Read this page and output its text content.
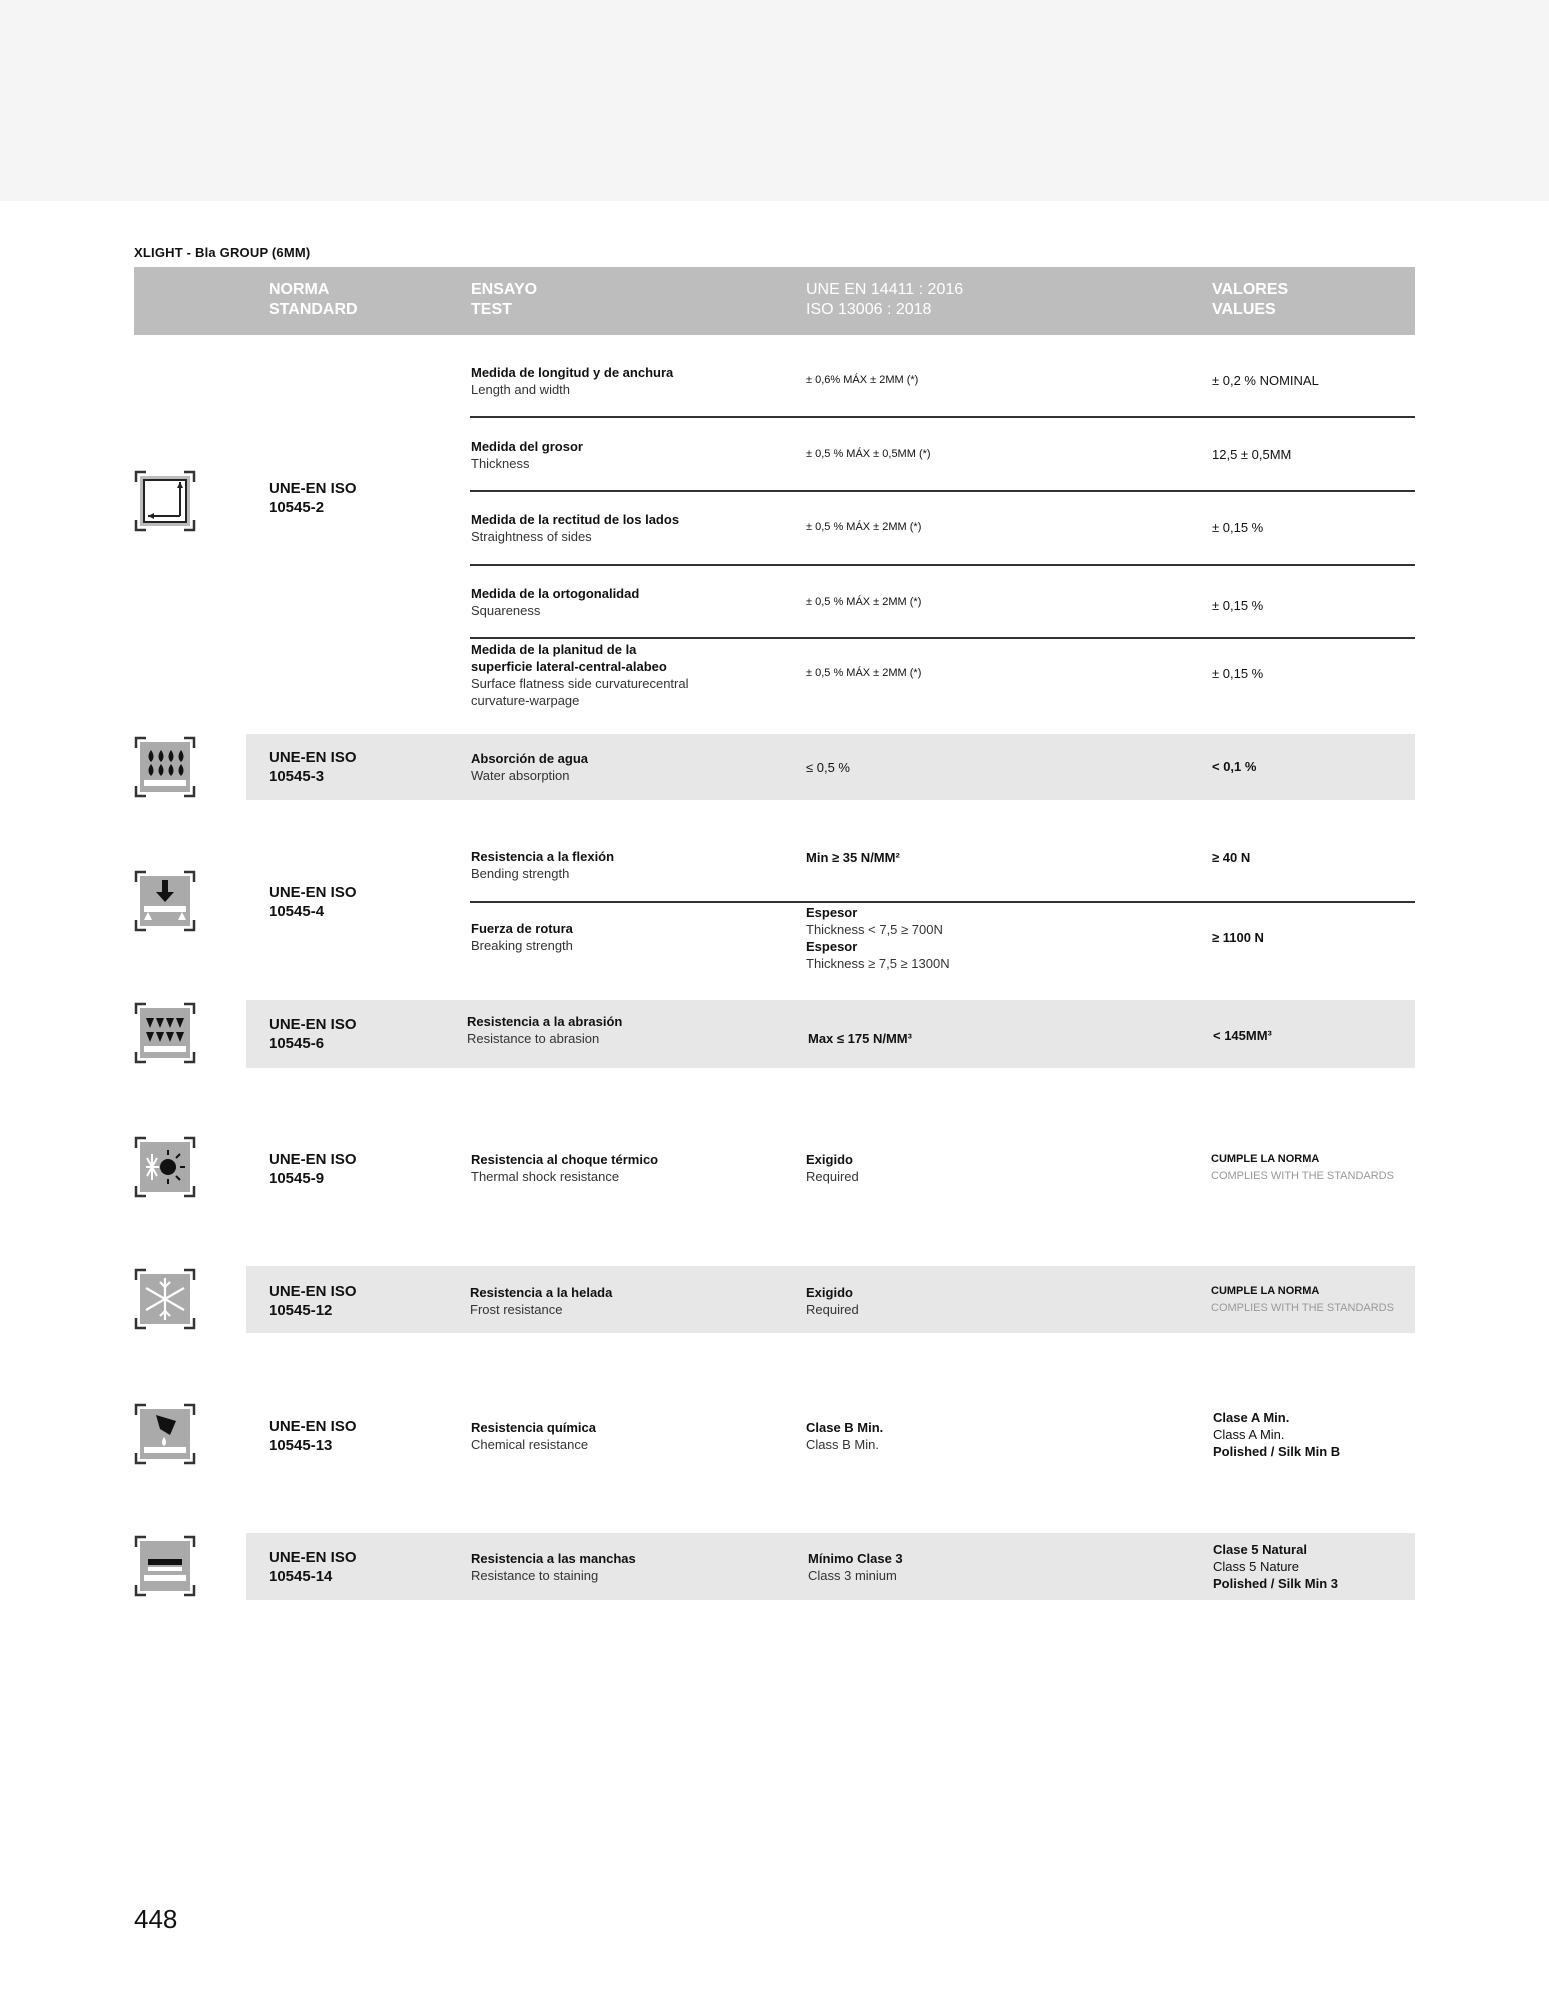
XLIGHT - Bla GROUP (6MM)
NORMA
STANDARD
ENSAYO
TEST
UNE EN 14411 : 2016
ISO 13006 : 2018
VALORES
VALUES
UNE-EN ISO
10545-2
UNE-EN ISO
10545-3
UNE-EN ISO
10545-4
UNE-EN ISO
10545-6
UNE-EN ISO
10545-9
UNE-EN ISO
10545-12
UNE-EN ISO
10545-13
UNE-EN ISO
10545-14
Medida de longitud y de anchura
Length and width
Medida del grosor
Thickness
Medida de la rectitud de los lados
Straightness of sides
Medida de la ortogonalidad
Squareness
Medida de la planitud de la
superficie lateral-central-alabeo
Surface flatness side curvaturecentral
curvature-warpage
Absorción de agua
Water absorption
Resistencia a la flexión
Bending strength
Fuerza de rotura
Breaking strength
Resistencia a la abrasión
Resistance to abrasion
Resistencia al choque térmico
Thermal shock resistance
Resistencia a la helada
Frost resistance
Resistencia química
Chemical resistance
Resistencia a las manchas
Resistance to staining
± 0,6% MÁX ± 2MM (*)
± 0,5 % MÁX ± 0,5MM (*)
± 0,5 % MÁX ± 2MM (*)
± 0,5 % MÁX ± 2MM (*)
± 0,5 % MÁX ± 2MM (*)
≤ 0,5 %
Min ≥ 35 N/MM²
Espesor
Thickness < 7,5 ≥ 700N
Espesor
Thickness ≥ 7,5 ≥ 1300N
Max ≤ 175 N/MM³
Exigido
Required
Exigido
Required
Clase B Min.
Class B Min.
Mínimo Clase 3
Class 3 minium
± 0,2 % NOMINAL
12,5 ± 0,5MM
± 0,15 %
± 0,15 %
± 0,15 %
< 0,1 %
≥ 40 N
≥ 1100 N
< 145MM³
CUMPLE LA NORMA
COMPLIES WITH THE STANDARDS
CUMPLE LA NORMA
COMPLIES WITH THE STANDARDS
Clase A Min.
Class A Min.
Polished / Silk Min B
Clase 5 Natural
Class 5 Nature
Polished / Silk Min 3
448
